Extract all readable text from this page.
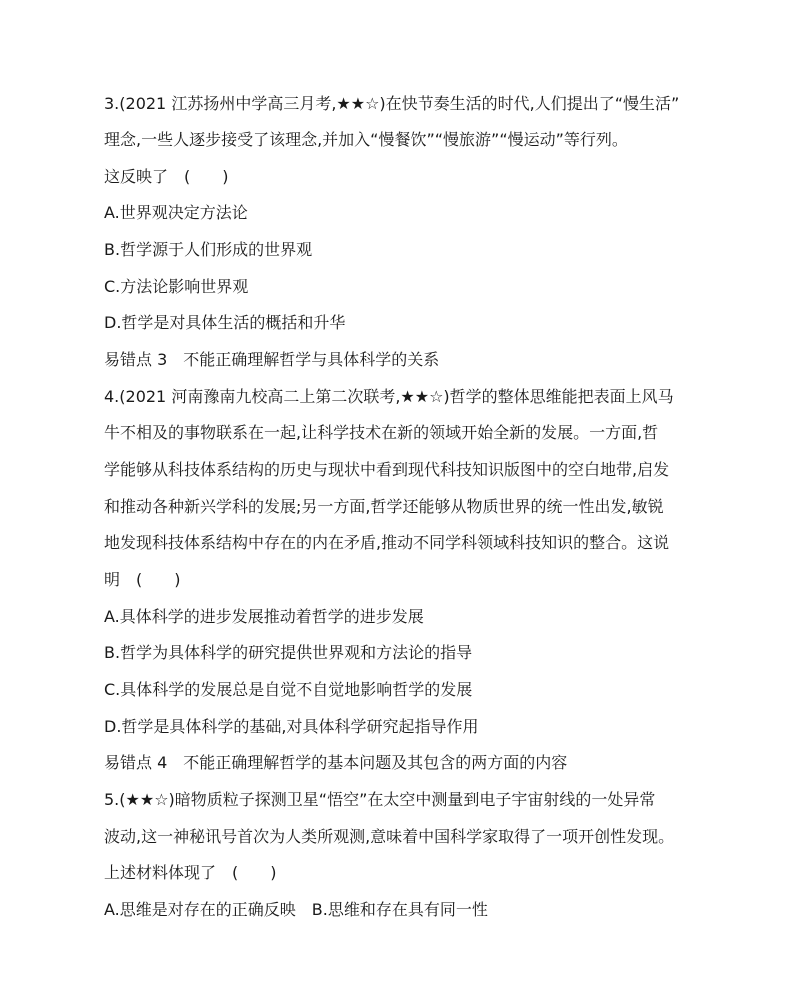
3.(2021 江苏扬州中学高三月考,★★☆)在快节奏生活的时代,人们提出了“慢生活”
理念,一些人逐步接受了该理念,并加入“慢餐饮”“慢旅游”“慢运动”等行列。
这反映了　(　　)
A.世界观决定方法论
B.哲学源于人们形成的世界观
C.方法论影响世界观
D.哲学是对具体生活的概括和升华
易错点 3　不能正确理解哲学与具体科学的关系
4.(2021 河南豫南九校高二上第二次联考,★★☆)哲学的整体思维能把表面上风马
牛不相及的事物联系在一起,让科学技术在新的领域开始全新的发展。一方面,哲
学能够从科技体系结构的历史与现状中看到现代科技知识版图中的空白地带,启发
和推动各种新兴学科的发展;另一方面,哲学还能够从物质世界的统一性出发,敏锐
地发现科技体系结构中存在的内在矛盾,推动不同学科领域科技知识的整合。这说
明　(　　)
A.具体科学的进步发展推动着哲学的进步发展
B.哲学为具体科学的研究提供世界观和方法论的指导
C.具体科学的发展总是自觉不自觉地影响哲学的发展
D.哲学是具体科学的基础,对具体科学研究起指导作用
易错点 4　不能正确理解哲学的基本问题及其包含的两方面的内容
5.(★★☆)暗物质粒子探测卫星“悟空”在太空中测量到电子宇宙射线的一处异常
波动,这一神秘讯号首次为人类所观测,意味着中国科学家取得了一项开创性发现。
上述材料体现了　(　　)
A.思维是对存在的正确反映　B.思维和存在具有同一性
